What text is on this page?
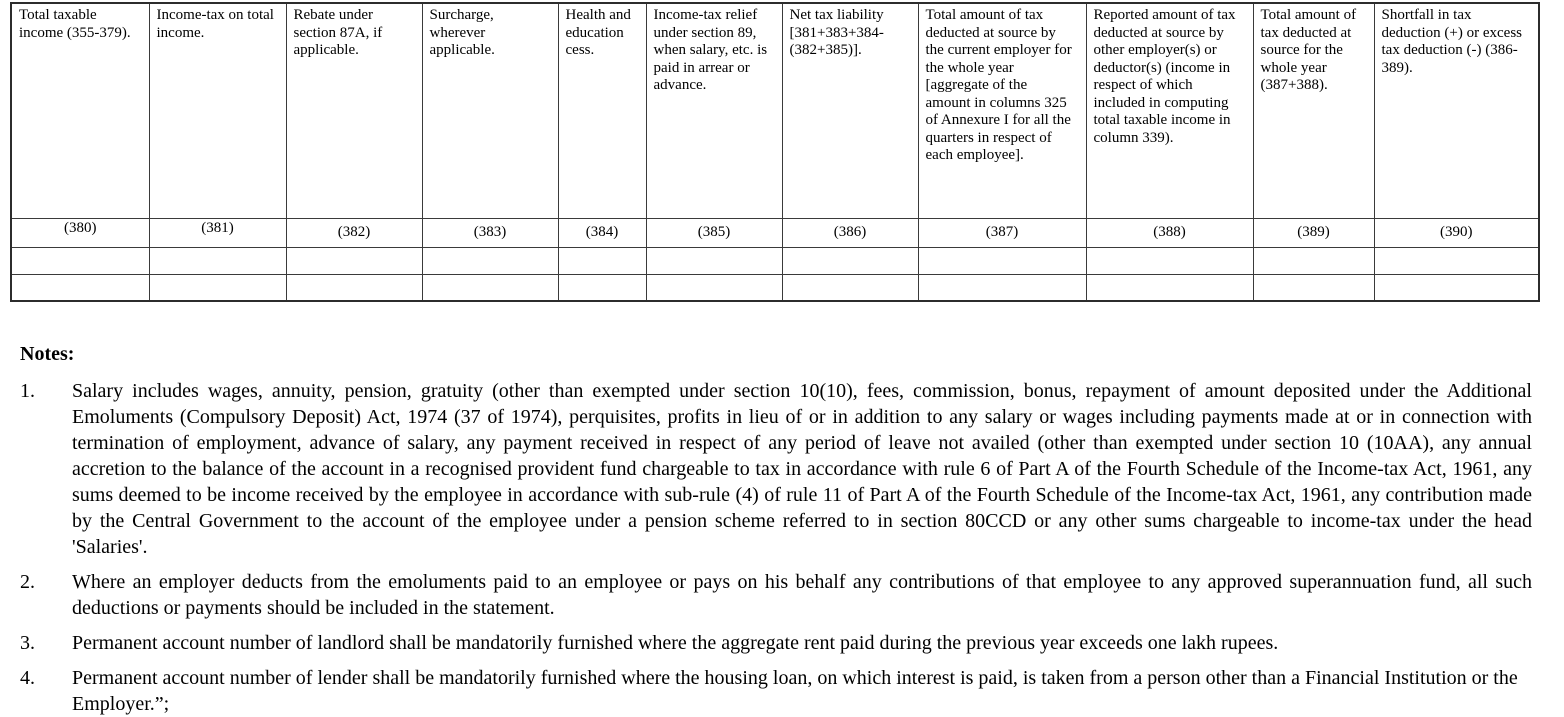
Total taxable income (355-379).	Income-tax on total income.	Rebate under section 87A, if applicable.	Surcharge, wherever applicable.	Health and education cess.	Income-tax relief under section 89, when salary, etc. is paid in arrear or advance.	Net tax liability [381+383+384-(382+385)].	Total amount of tax deducted at source by the current employer for the whole year [aggregate of the amount in columns 325 of Annexure I for all the quarters in respect of each employee].	Reported amount of tax deducted at source by other employer(s) or deductor(s) (income in respect of which included in computing total taxable income in column 339).	Total amount of tax deducted at source for the whole year (387+388).	Shortfall in tax deduction (+) or excess tax deduction (-) (386-389).
(380)	(381)	(382)	(383)	(384)	(385)	(386)	(387)	(388)	(389)	(390)

Notes:
1.	Salary includes wages, annuity, pension, gratuity (other than exempted under section 10(10), fees, commission, bonus, repayment of amount deposited under the Additional Emoluments (Compulsory Deposit) Act, 1974 (37 of 1974), perquisites, profits in lieu of or in addition to any salary or wages including payments made at or in connection with termination of employment, advance of salary, any payment received in respect of any period of leave not availed (other than exempted under section 10 (10AA), any annual accretion to the balance of the account in a recognised provident fund chargeable to tax in accordance with rule 6 of Part A of the Fourth Schedule of the Income-tax Act, 1961, any sums deemed to be income received by the employee in accordance with sub-rule (4) of rule 11 of Part A of the Fourth Schedule of the Income-tax Act, 1961, any contribution made by the Central Government to the account of the employee under a pension scheme referred to in section 80CCD or any other sums chargeable to income-tax under the head 'Salaries'.
2.	Where an employer deducts from the emoluments paid to an employee or pays on his behalf any contributions of that employee to any approved superannuation fund, all such deductions or payments should be included in the statement.
3.	Permanent account number of landlord shall be mandatorily furnished where the aggregate rent paid during the previous year exceeds one lakh rupees.
4.	Permanent account number of lender shall be mandatorily furnished where the housing loan, on which interest is paid, is taken from a person other than a Financial Institution or the Employer.”;
